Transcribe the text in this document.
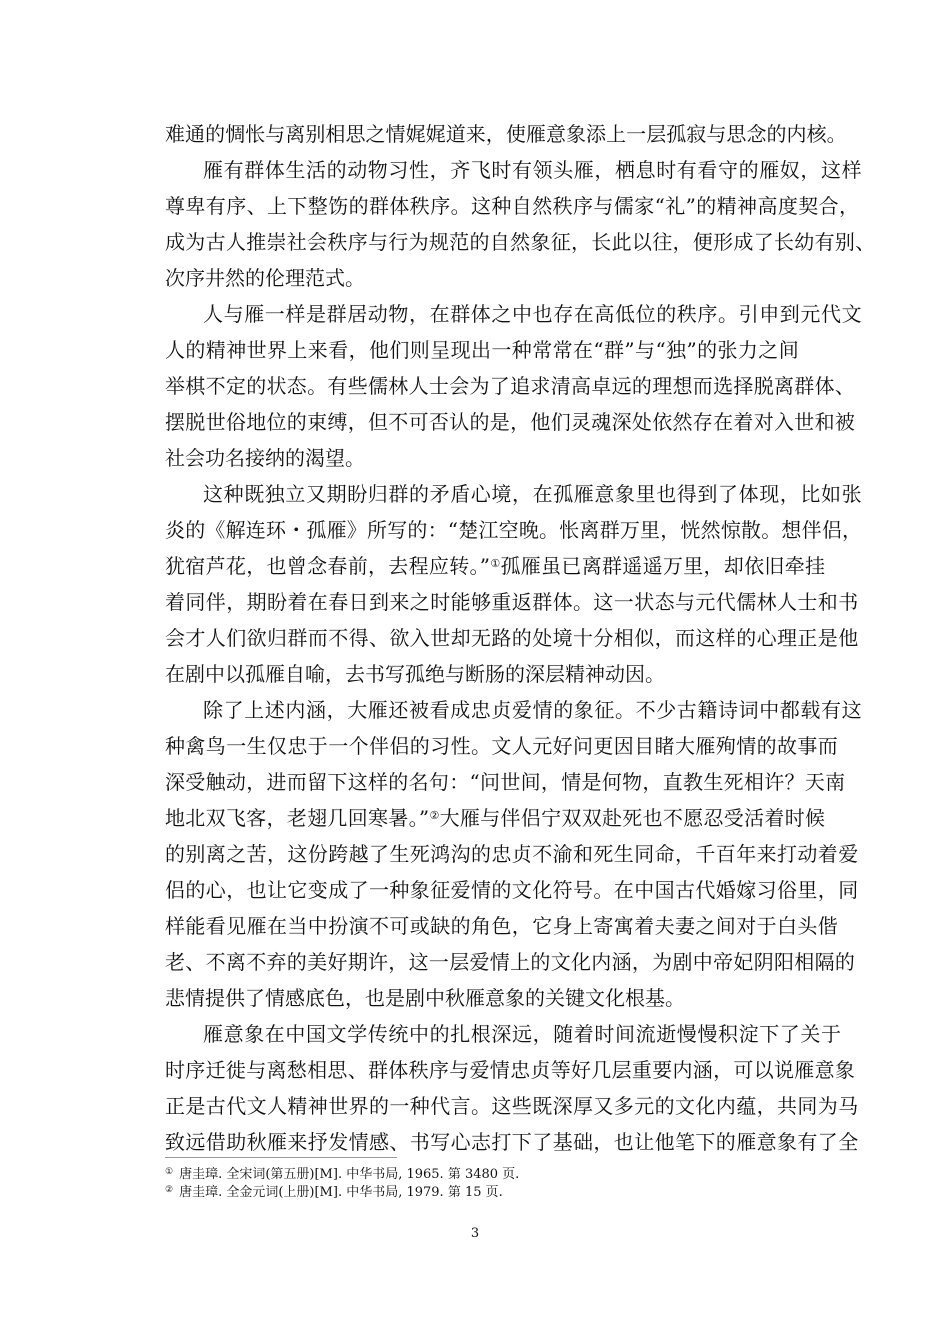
难通的惆怅与离别相思之情娓娓道来，使雁意象添上一层孤寂与思念的内核。
雁有群体生活的动物习性，齐飞时有领头雁，栖息时有看守的雁奴，这样
尊卑有序、上下整饬的群体秩序。这种自然秩序与儒家“礼”的精神高度契合，
成为古人推崇社会秩序与行为规范的自然象征，长此以往，便形成了长幼有别、
次序井然的伦理范式。
人与雁一样是群居动物，在群体之中也存在高低位的秩序。引申到元代文
人的精神世界上来看，他们则呈现出一种常常在“群”与“独”的张力之间
举棋不定的状态。有些儒林人士会为了追求清高卓远的理想而选择脱离群体、
摆脱世俗地位的束缚，但不可否认的是，他们灵魂深处依然存在着对入世和被
社会功名接纳的渴望。
这种既独立又期盼归群的矛盾心境，在孤雁意象里也得到了体现，比如张
炎的《解连环・孤雁》所写的：“楚江空晚。怅离群万里，恍然惊散。想伴侣，
犹宿芦花，也曾念春前，去程应转。”①孤雁虽已离群遥遥万里，却依旧牵挂
着同伴，期盼着在春日到来之时能够重返群体。这一状态与元代儒林人士和书
会才人们欲归群而不得、欲入世却无路的处境十分相似，而这样的心理正是他
在剧中以孤雁自喻，去书写孤绝与断肠的深层精神动因。
除了上述内涵，大雁还被看成忠贞爱情的象征。不少古籍诗词中都载有这
种禽鸟一生仅忠于一个伴侣的习性。文人元好问更因目睹大雁殉情的故事而
深受触动，进而留下这样的名句：“问世间，情是何物，直教生死相许？天南
地北双飞客，老翅几回寒暑。”②大雁与伴侣宁双双赴死也不愿忍受活着时候
的别离之苦，这份跨越了生死鸿沟的忠贞不渝和死生同命，千百年来打动着爱
侣的心，也让它变成了一种象征爱情的文化符号。在中国古代婚嫁习俗里，同
样能看见雁在当中扮演不可或缺的角色，它身上寄寓着夫妻之间对于白头偕
老、不离不弃的美好期许，这一层爱情上的文化内涵，为剧中帝妃阴阳相隔的
悲情提供了情感底色，也是剧中秋雁意象的关键文化根基。
雁意象在中国文学传统中的扎根深远，随着时间流逝慢慢积淀下了关于
时序迁徙与离愁相思、群体秩序与爱情忠贞等好几层重要内涵，可以说雁意象
正是古代文人精神世界的一种代言。这些既深厚又多元的文化内蕴，共同为马
致远借助秋雁来抒发情感、书写心志打下了基础，也让他笔下的雁意象有了全
① 唐圭璋. 全宋词(第五册)[M]. 中华书局, 1965. 第 3480 页.
② 唐圭璋. 全金元词(上册)[M]. 中华书局, 1979. 第 15 页.
3
